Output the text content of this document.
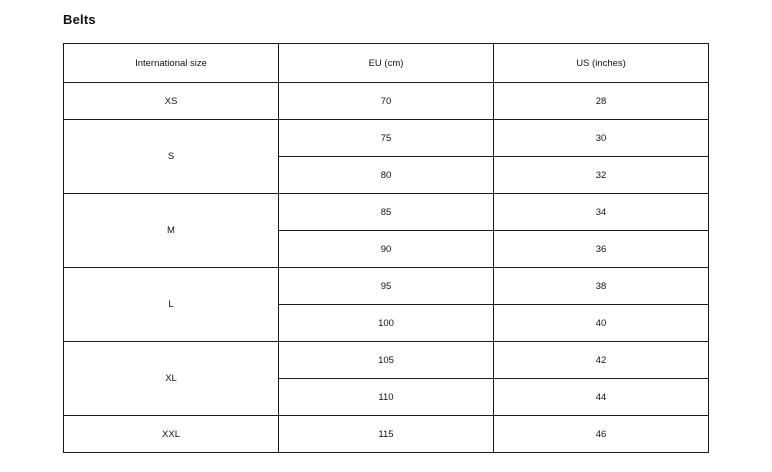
Belts
International size	EU (cm)	US (inches)
XS	70	28
S	75	30
	80	32
M	85	34
	90	36
L	95	38
	100	40
XL	105	42
	110	44
XXL	115	46
